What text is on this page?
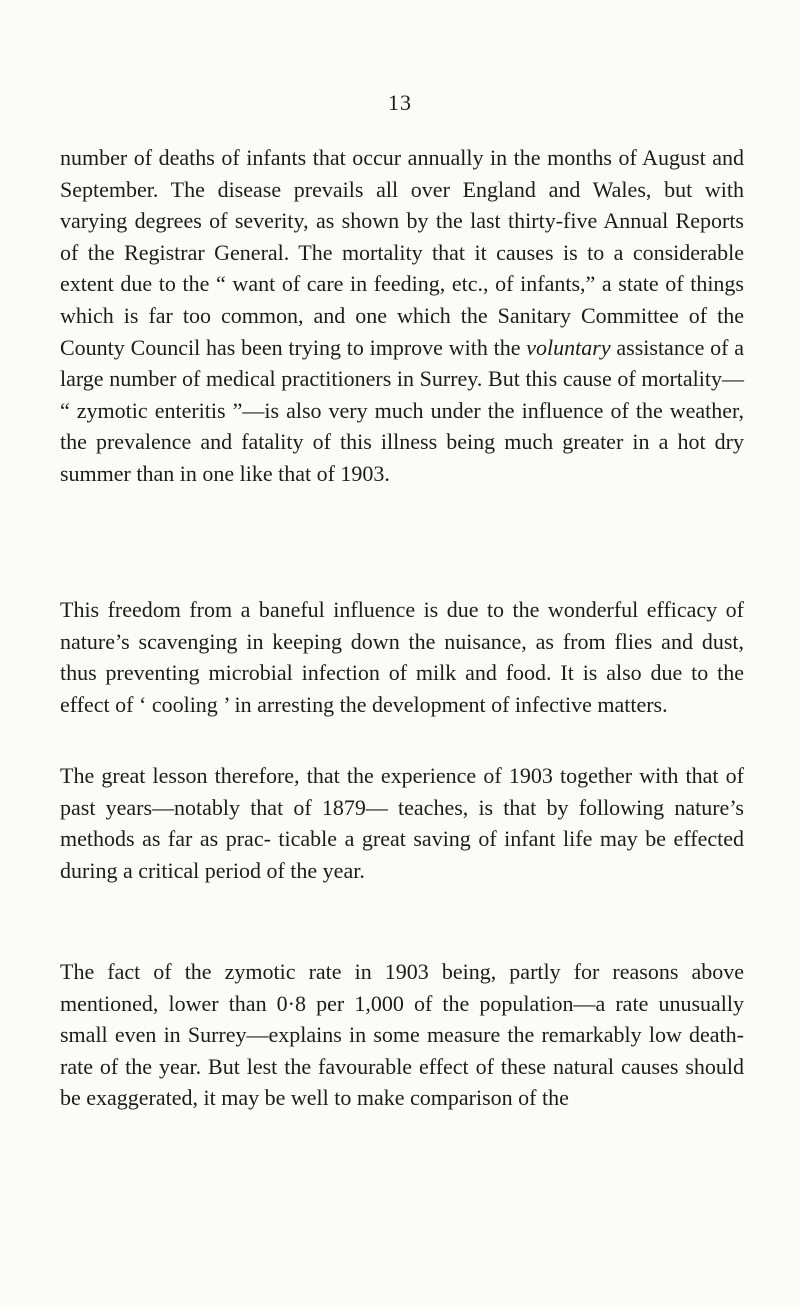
13

number of deaths of infants that occur annually in the months of August and September. The disease prevails all over England and Wales, but with varying degrees of severity, as shown by the last thirty-five Annual Reports of the Registrar General. The mortality that it causes is to a considerable extent due to the “ want of care in feeding, etc., of infants,” a state of things which is far too common, and one which the Sanitary Committee of the County Council has been trying to improve with the voluntary assistance of a large number of medical practitioners in Surrey. But this cause of mortality— “ zymotic enteritis ”—is also very much under the influence of the weather, the prevalence and fatality of this illness being much greater in a hot dry summer than in one like that of 1903.

This freedom from a baneful influence is due to the wonderful efficacy of nature’s scavenging in keeping down the nuisance, as from flies and dust, thus preventing microbial infection of milk and food. It is also due to the effect of ‘ cooling ’ in arresting the development of infective matters.

The great lesson therefore, that the experience of 1903 together with that of past years—notably that of 1879— teaches, is that by following nature’s methods as far as prac- ticable a great saving of infant life may be effected during a critical period of the year.

The fact of the zymotic rate in 1903 being, partly for reasons above mentioned, lower than 0·8 per 1,000 of the population—a rate unusually small even in Surrey—explains in some measure the remarkably low death-rate of the year. But lest the favourable effect of these natural causes should be exaggerated, it may be well to make comparison of the
